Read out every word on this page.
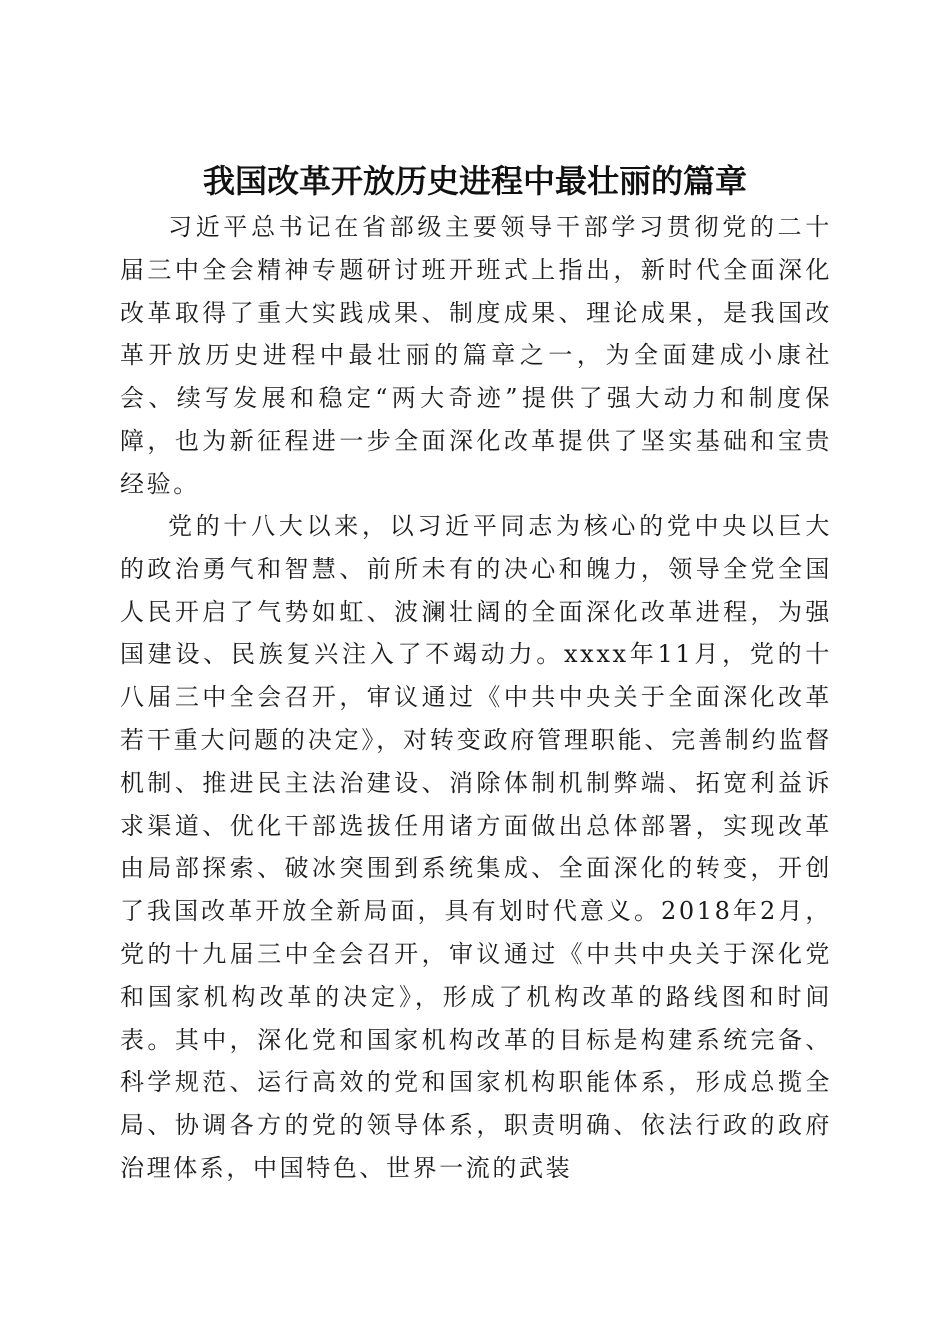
我国改革开放历史进程中最壮丽的篇章

习近平总书记在省部级主要领导干部学习贯彻党的二十届三中全会精神专题研讨班开班式上指出，新时代全面深化改革取得了重大实践成果、制度成果、理论成果，是我国改革开放历史进程中最壮丽的篇章之一，为全面建成小康社会、续写发展和稳定“两大奇迹”提供了强大动力和制度保障，也为新征程进一步全面深化改革提供了坚实基础和宝贵经验。

党的十八大以来，以习近平同志为核心的党中央以巨大的政治勇气和智慧、前所未有的决心和魄力，领导全党全国人民开启了气势如虹、波澜壮阔的全面深化改革进程，为强国建设、民族复兴注入了不竭动力。xxxx年11月，党的十八届三中全会召开，审议通过《中共中央关于全面深化改革若干重大问题的决定》，对转变政府管理职能、完善制约监督机制、推进民主法治建设、消除体制机制弊端、拓宽利益诉求渠道、优化干部选拔任用诸方面做出总体部署，实现改革由局部探索、破冰突围到系统集成、全面深化的转变，开创了我国改革开放全新局面，具有划时代意义。2018年2月，党的十九届三中全会召开，审议通过《中共中央关于深化党和国家机构改革的决定》，形成了机构改革的路线图和时间表。其中，深化党和国家机构改革的目标是构建系统完备、科学规范、运行高效的党和国家机构职能体系，形成总揽全局、协调各方的党的领导体系，职责明确、依法行政的政府治理体系，中国特色、世界一流的武装
